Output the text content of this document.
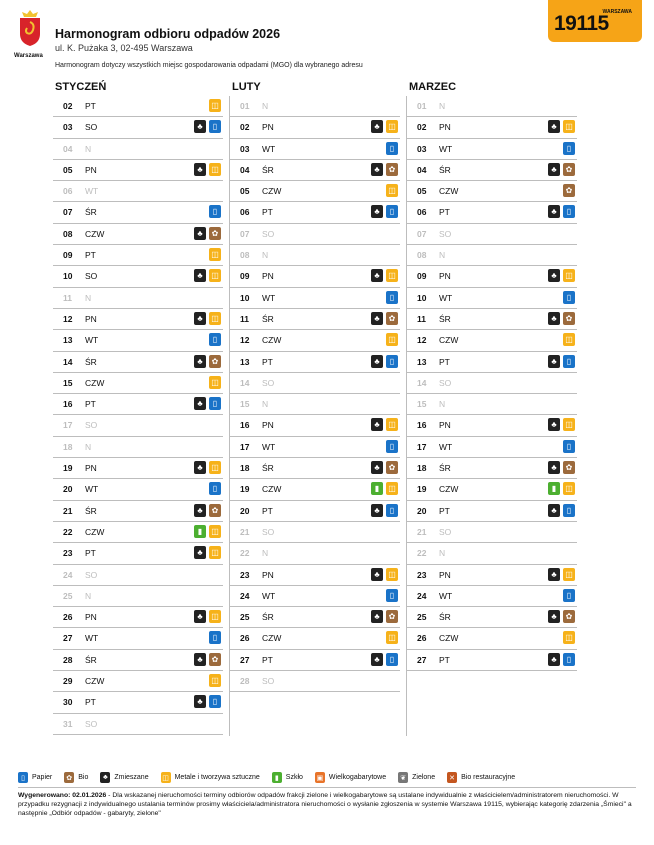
Warszawa
Harmonogram odbioru odpadów 2026
ul. K. Pużaka 3, 02-495 Warszawa
Harmonogram dotyczy wszystkich miejsc gospodarowania odpadami (MGO) dla wybranego adresu
WARSZAWA
19115
STYCZEŃ
02 PT	◫
03 SO	♣	▯
04 N
05 PN	♣	◫
06 WT
07 ŚR	▯
08 CZW	♣	✿
09 PT	◫
10 SO	♣	◫
11 N
12 PN	♣	◫
13 WT	▯
14 ŚR	♣	✿
15 CZW	◫
16 PT	♣	▯
17 SO
18 N
19 PN	♣	◫
20 WT	▯
21 ŚR	♣	✿
22 CZW	▮	◫
23 PT	♣	◫
24 SO
25 N
26 PN	♣	◫
27 WT	▯
28 ŚR	♣	✿
29 CZW	◫
30 PT	♣	▯
31 SO
LUTY
01 N
02 PN	♣	◫
03 WT	▯
04 ŚR	♣	✿
05 CZW	◫
06 PT	♣	▯
07 SO
08 N
09 PN	♣	◫
10 WT	▯
11 ŚR	♣	✿
12 CZW	◫
13 PT	♣	▯
14 SO
15 N
16 PN	♣	◫
17 WT	▯
18 ŚR	♣	✿
19 CZW	▮	◫
20 PT	♣	▯
21 SO
22 N
23 PN	♣	◫
24 WT	▯
25 ŚR	♣	✿
26 CZW	◫
27 PT	♣	▯
28 SO
MARZEC
01 N
02 PN	♣	◫
03 WT	▯
04 ŚR	♣	✿
05 CZW	✿
06 PT	♣	▯
07 SO
08 N
09 PN	♣	◫
10 WT	▯
11 ŚR	♣	✿
12 CZW	◫
13 PT	♣	▯
14 SO
15 N
16 PN	♣	◫
17 WT	▯
18 ŚR	♣	✿
19 CZW	▮	◫
20 PT	♣	▯
21 SO
22 N
23 PN	♣	◫
24 WT	▯
25 ŚR	♣	✿
26 CZW	◫
27 PT	♣	▯
▯	Papier ✿ Bio	♣ Zmieszane ◫ Metale i tworzywa sztuczne	▮	Szkło ▣ Wielkogabarytowe ❦ Zielone ✕ Bio restauracyjne
Wygenerowano: 02.01.2026 - Dla wskazanej nieruchomości terminy odbiorów odpadów frakcji zielone i wielkogabarytowe są ustalane indywidualnie z właścicielem/administratorem nieruchomości. W przypadku rezygnacji z indywidualnego ustalania terminów prosimy właściciela/administratora nieruchomości o wysłanie zgłoszenia w systemie Warszawa 19115, wybierając kategorię zdarzenia „Śmieci" a następnie „Odbiór odpadów - gabaryty, zielone"
